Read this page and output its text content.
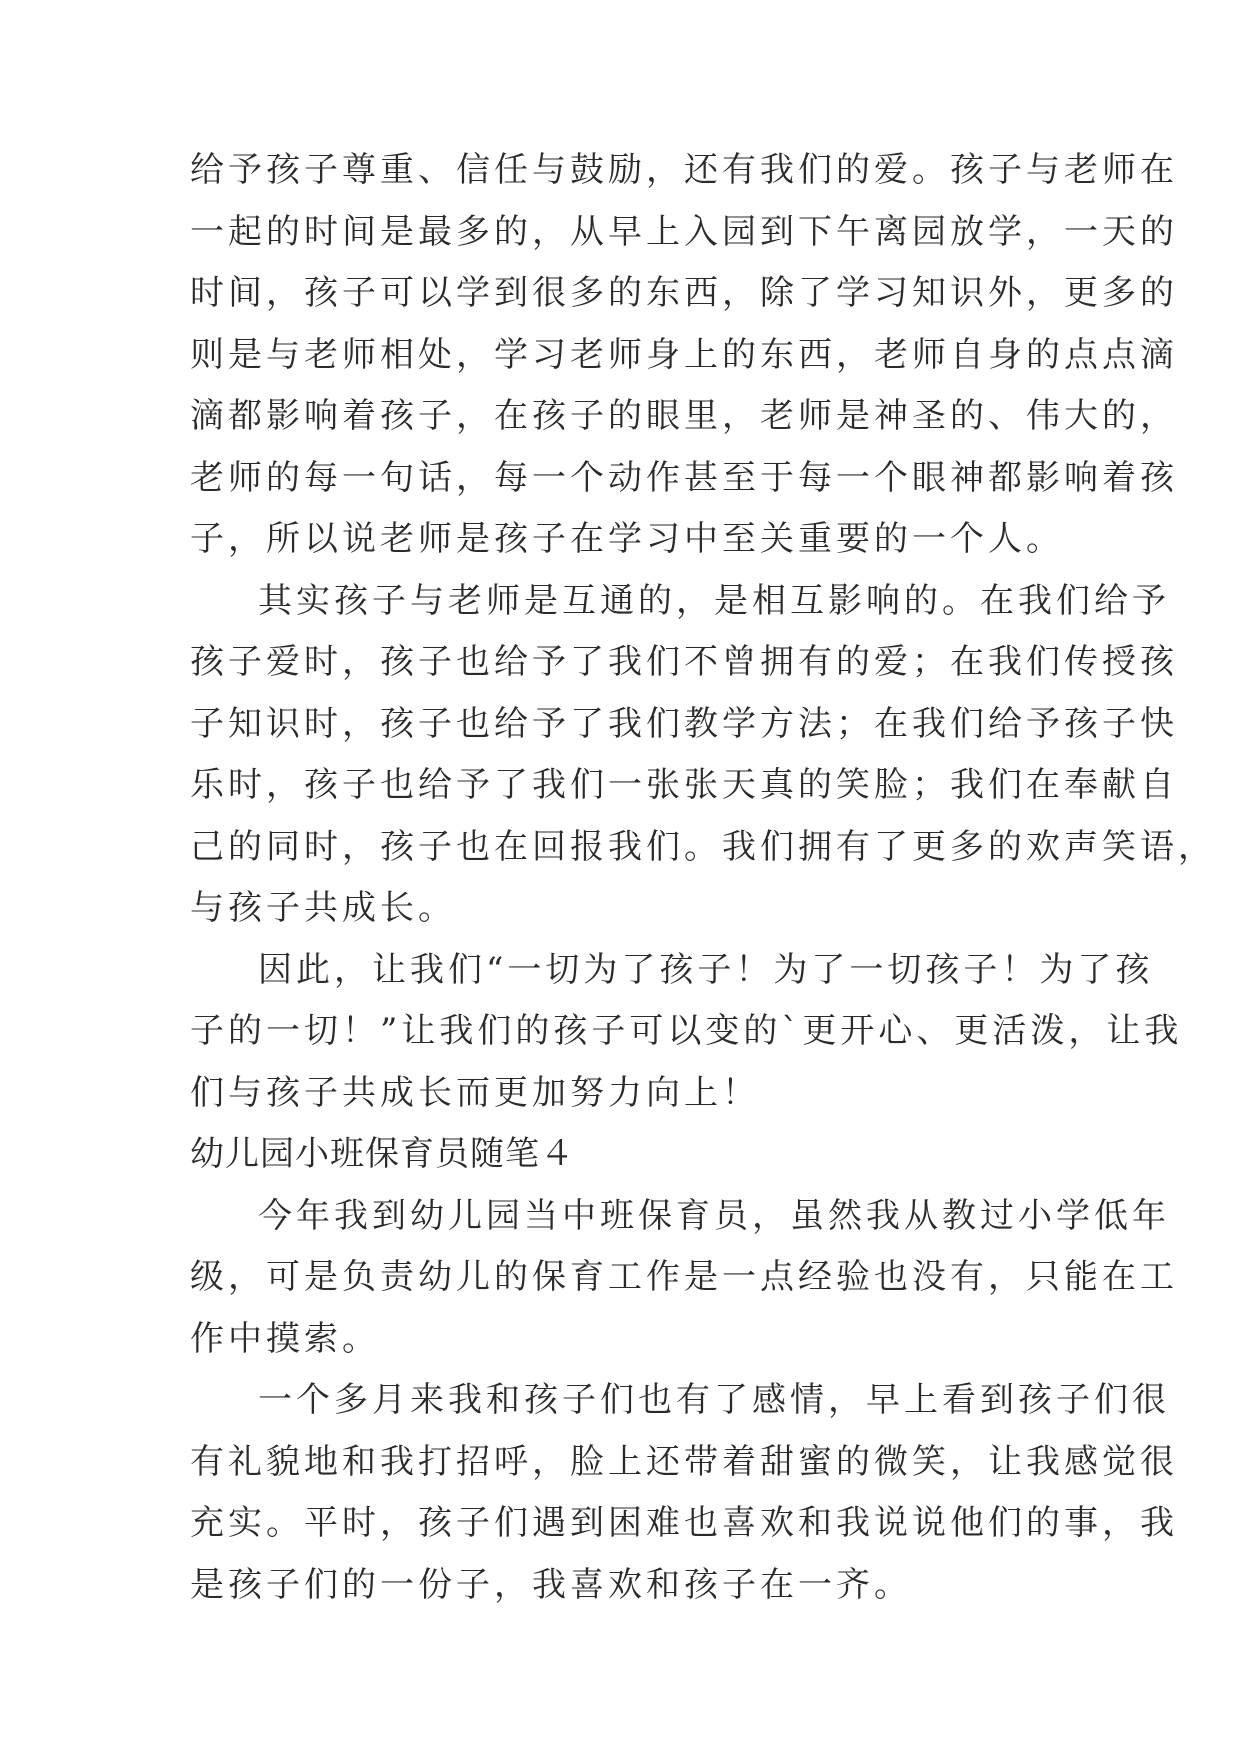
给予孩子尊重、信任与鼓励，还有我们的爱。孩子与老师在
一起的时间是最多的，从早上入园到下午离园放学，一天的
时间，孩子可以学到很多的东西，除了学习知识外，更多的
则是与老师相处，学习老师身上的东西，老师自身的点点滴
滴都影响着孩子，在孩子的眼里，老师是神圣的、伟大的，
老师的每一句话，每一个动作甚至于每一个眼神都影响着孩
子，所以说老师是孩子在学习中至关重要的一个人。
其实孩子与老师是互通的，是相互影响的。在我们给予
孩子爱时，孩子也给予了我们不曾拥有的爱；在我们传授孩
子知识时，孩子也给予了我们教学方法；在我们给予孩子快
乐时，孩子也给予了我们一张张天真的笑脸；我们在奉献自
己的同时，孩子也在回报我们。我们拥有了更多的欢声笑语，
与孩子共成长。
因此，让我们“一切为了孩子！为了一切孩子！为了孩
子的一切！”让我们的孩子可以变的`更开心、更活泼，让我
们与孩子共成长而更加努力向上！
幼儿园小班保育员随笔４
今年我到幼儿园当中班保育员，虽然我从教过小学低年
级，可是负责幼儿的保育工作是一点经验也没有，只能在工
作中摸索。
一个多月来我和孩子们也有了感情，早上看到孩子们很
有礼貌地和我打招呼，脸上还带着甜蜜的微笑，让我感觉很
充实。平时，孩子们遇到困难也喜欢和我说说他们的事，我
是孩子们的一份子，我喜欢和孩子在一齐。
